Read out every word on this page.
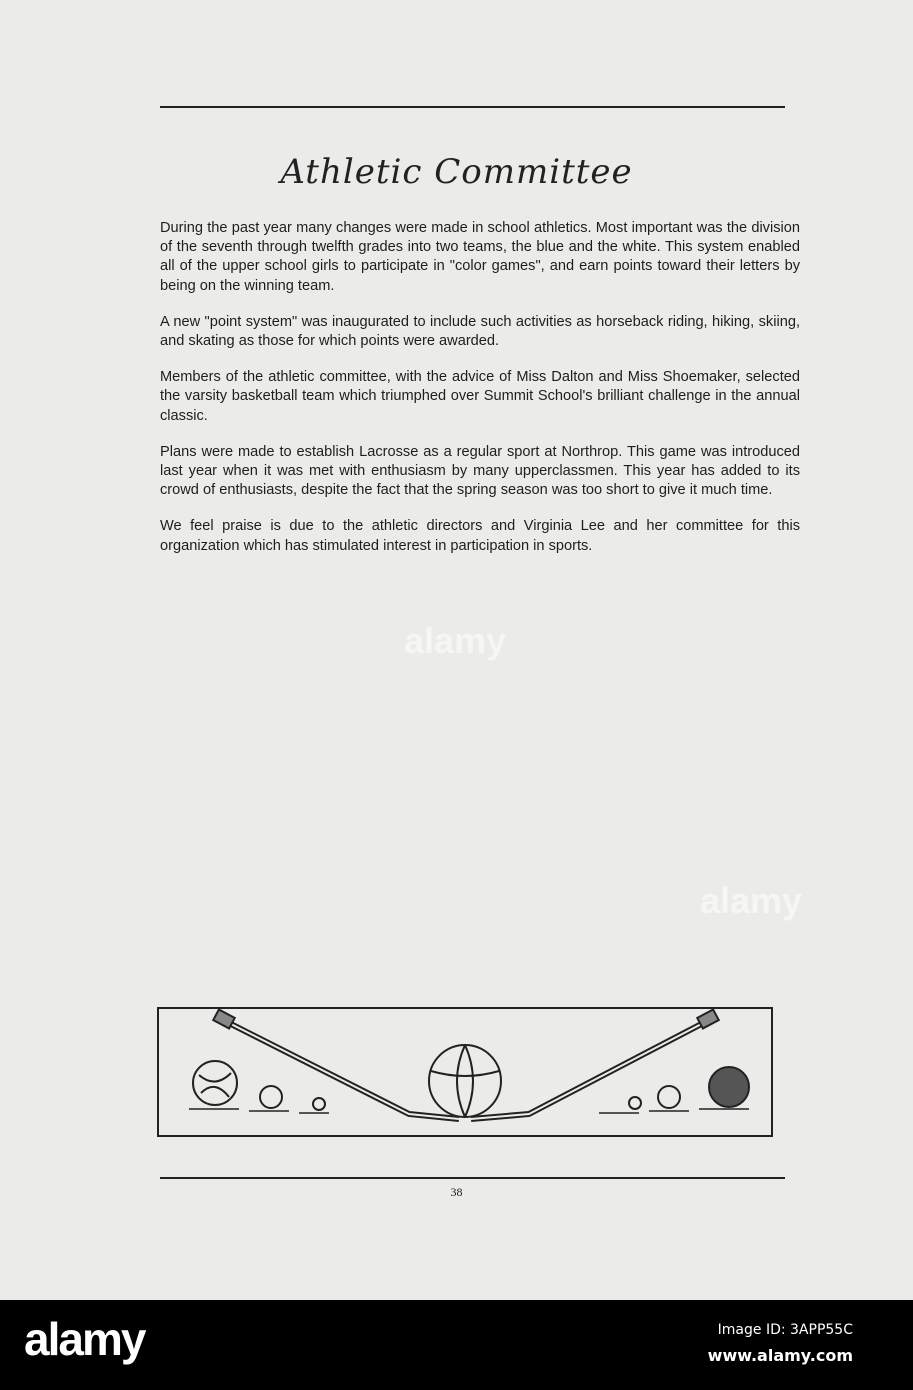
Athletic Committee

During the past year many changes were made in school athletics. Most important was the division of the seventh through twelfth grades into two teams, the blue and the white. This system enabled all of the upper school girls to participate in "color games", and earn points toward their letters by being on the winning team.

A new "point system" was inaugurated to include such activities as horseback riding, hiking, skiing, and skating as those for which points were awarded.

Members of the athletic committee, with the advice of Miss Dalton and Miss Shoemaker, selected the varsity basketball team which triumphed over Summit School's brilliant challenge in the annual classic.

Plans were made to establish Lacrosse as a regular sport at Northrop. This game was introduced last year when it was met with enthusiasm by many upperclassmen. This year has added to its crowd of enthusiasts, despite the fact that the spring season was too short to give it much time.

We feel praise is due to the athletic directors and Virginia Lee and her committee for this organization which has stimulated interest in participation in sports.

38
alamy
alamy
alamy	Image ID: 3APP55C
www.alamy.com
